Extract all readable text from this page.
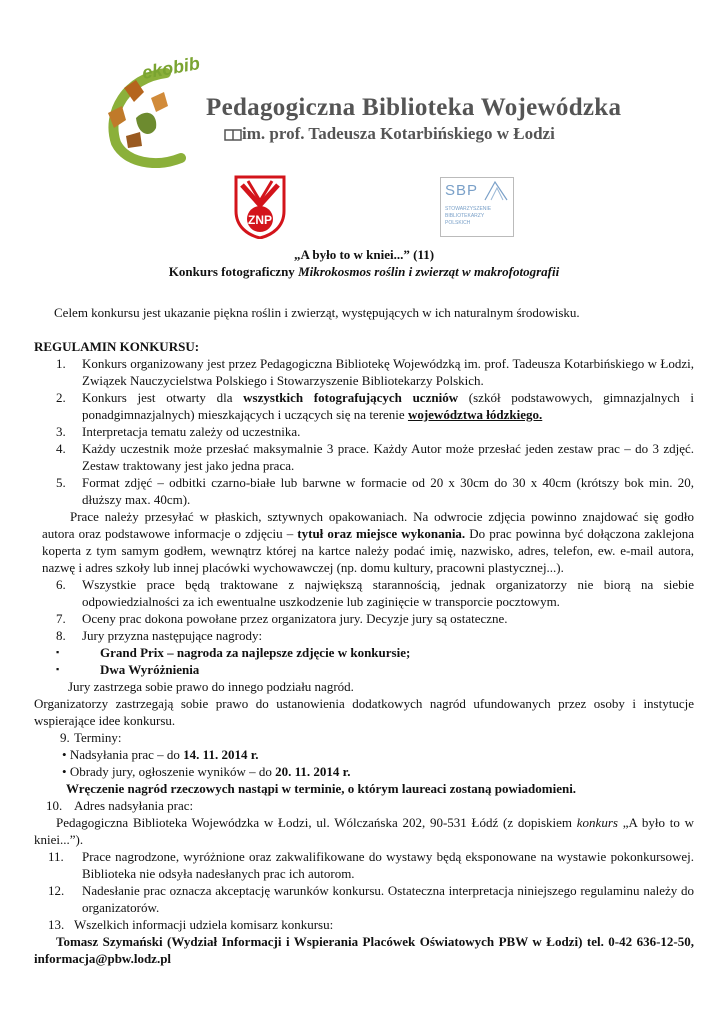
ekobib
Pedagogiczna Biblioteka Wojewódzka
im. prof. Tadeusza Kotarbińskiego w Łodzi
ZNP
SBP
STOWARZYSZENIE BIBLIOTEKARZY POLSKICH

„A było to w kniei...” (11)

Konkurs fotograficzny Mikrokosmos roślin i zwierząt w makrofotografii

Celem konkursu jest ukazanie piękna roślin i zwierząt, występujących w ich naturalnym środowisku.

REGULAMIN KONKURSU:

1. Konkurs organizowany jest przez Pedagogiczna Bibliotekę Wojewódzką im. prof. Tadeusza Kotarbińskiego w Łodzi, Związek Nauczycielstwa Polskiego i Stowarzyszenie Bibliotekarzy Polskich.
2. Konkurs jest otwarty dla wszystkich fotografujących uczniów (szkół podstawowych, gimnazjalnych i ponadgimnazjalnych) mieszkających i uczących się na terenie województwa łódzkiego.
3. Interpretacja tematu zależy od uczestnika.
4. Każdy uczestnik może przesłać maksymalnie 3 prace. Każdy Autor może przesłać jeden zestaw prac – do 3 zdjęć. Zestaw traktowany jest jako jedna praca.
5. Format zdjęć – odbitki czarno-białe lub barwne w formacie od 20 x 30cm do 30 x 40cm (krótszy bok min. 20, dłuższy max. 40cm).
Prace należy przesyłać w płaskich, sztywnych opakowaniach. Na odwrocie zdjęcia powinno znajdować się godło autora oraz podstawowe informacje o zdjęciu – tytuł oraz miejsce wykonania. Do prac powinna być dołączona zaklejona koperta z tym samym godłem, wewnątrz której na kartce należy podać imię, nazwisko, adres, telefon, ew. e-mail autora, nazwę i adres szkoły lub innej placówki wychowawczej (np. domu kultury, pracowni plastycznej...).
6. Wszystkie prace będą traktowane z największą starannością, jednak organizatorzy nie biorą na siebie odpowiedzialności za ich ewentualne uszkodzenie lub zaginięcie w transporcie pocztowym.
7. Oceny prac dokona powołane przez organizatora jury. Decyzje jury są ostateczne.
8. Jury przyzna następujące nagrody:
▪	Grand Prix – nagroda za najlepsze zdjęcie w konkursie;
▪	Dwa Wyróżnienia

Jury zastrzega sobie prawo do innego podziału nagród.

Organizatorzy zastrzegają sobie prawo do ustanowienia dodatkowych nagród ufundowanych przez osoby i instytucje wspierające idee konkursu.

9. Terminy:

• Nadsyłania prac – do 14. 11. 2014 r.

• Obrady jury, ogłoszenie wyników – do 20. 11. 2014 r.

Wręczenie nagród rzeczowych nastąpi w terminie, o którym laureaci zostaną powiadomieni.

10. Adres nadsyłania prac:

Pedagogiczna Biblioteka Wojewódzka w Łodzi, ul. Wólczańska 202, 90-531 Łódź (z dopiskiem konkurs „A było to w kniei...”).

11. Prace nagrodzone, wyróżnione oraz zakwalifikowane do wystawy będą eksponowane na wystawie pokonkursowej. Biblioteka nie odsyła nadesłanych prac ich autorom.
12. Nadesłanie prac oznacza akceptację warunków konkursu. Ostateczna interpretacja niniejszego regulaminu należy do organizatorów.
13. Wszelkich informacji udziela komisarz konkursu:

Tomasz Szymański (Wydział Informacji i Wspierania Placówek Oświatowych PBW w Łodzi) tel. 0-42 636-12-50, informacja@pbw.lodz.pl
